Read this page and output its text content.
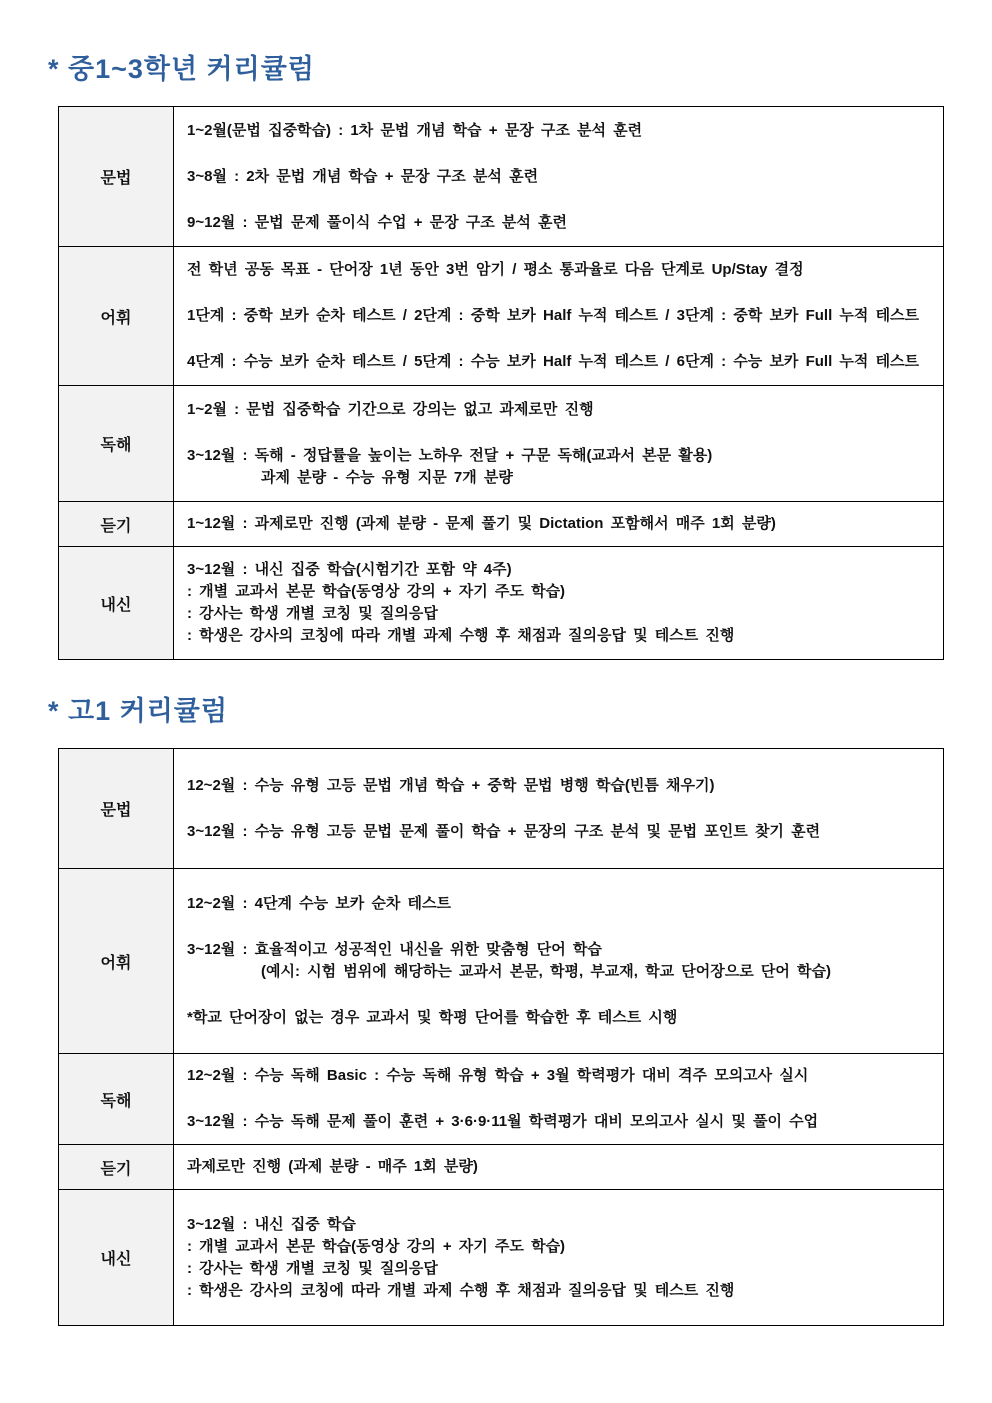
* 중1~3학년 커리큘럼
문법	1~2월(문법 집중학습) : 1차 문법 개념 학습 + 문장 구조 분석 훈련
3~8월 : 2차 문법 개념 학습 + 문장 구조 분석 훈련
9~12월 : 문법 문제 풀이식 수업 + 문장 구조 분석 훈련

어휘	전 학년 공동 목표 - 단어장 1년 동안 3번 암기 / 평소 통과율로 다음 단계로 Up/Stay 결정
1단계 : 중학 보카 순차 테스트 / 2단계 : 중학 보카 Half 누적 테스트 / 3단계 : 중학 보카 Full 누적 테스트
4단계 : 수능 보카 순차 테스트 / 5단계 : 수능 보카 Half 누적 테스트 / 6단계 : 수능 보카 Full 누적 테스트

독해	1~2월 : 문법 집중학습 기간으로 강의는 없고 과제로만 진행
3~12월 : 독해 - 정답률을 높이는 노하우 전달 + 구문 독해(교과서 본문 활용)
과제 분량 - 수능 유형 지문 7개 분량

듣기	1~12월 : 과제로만 진행 (과제 분량 - 문제 풀기 및 Dictation 포함해서 매주 1회 분량)

내신	3~12월 : 내신 집중 학습(시험기간 포함 약 4주)
: 개별 교과서 본문 학습(동영상 강의 + 자기 주도 학습)
: 강사는 학생 개별 코칭 및 질의응답
: 학생은 강사의 코칭에 따라 개별 과제 수행 후 채점과 질의응답 및 테스트 진행
* 고1 커리큘럼
문법	12~2월 : 수능 유형 고등 문법 개념 학습 + 중학 문법 병행 학습(빈틈 채우기)
3~12월 : 수능 유형 고등 문법 문제 풀이 학습 + 문장의 구조 분석 및 문법 포인트 찾기 훈련

어휘	12~2월 : 4단계 수능 보카 순차 테스트
3~12월 : 효율적이고 성공적인 내신을 위한 맞춤형 단어 학습
(예시: 시험 범위에 해당하는 교과서 본문, 학평, 부교재, 학교 단어장으로 단어 학습)
*학교 단어장이 없는 경우 교과서 및 학평 단어를 학습한 후 테스트 시행

독해	12~2월 : 수능 독해 Basic : 수능 독해 유형 학습 + 3월 학력평가 대비 격주 모의고사 실시
3~12월 : 수능 독해 문제 풀이 훈련 + 3·6·9·11월 학력평가 대비 모의고사 실시 및 풀이 수업

듣기	과제로만 진행 (과제 분량 - 매주 1회 분량)

내신	3~12월 : 내신 집중 학습
: 개별 교과서 본문 학습(동영상 강의 + 자기 주도 학습)
: 강사는 학생 개별 코칭 및 질의응답
: 학생은 강사의 코칭에 따라 개별 과제 수행 후 채점과 질의응답 및 테스트 진행
